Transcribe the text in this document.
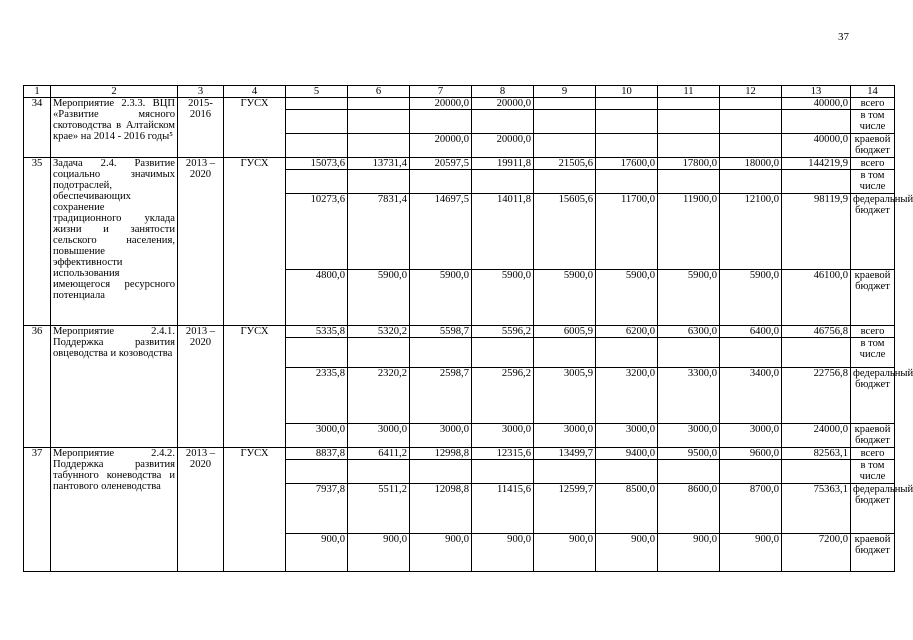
37
1	2	3	4	5	6	7	8	9	10	11	12	13	14
34	Мероприятие 2.3.3. ВЦП «Развитие мясного скотоводства в Алтайском крае» на 2014 - 2016 годы⁵	2015-2016	ГУСХ			20000,0	20000,0					40000,0	всего
													в том числе
						20000,0	20000,0					40000,0	краевой бюджет
35	Задача 2.4. Развитие социально значимых подотраслей, обеспечивающих сохранение традиционного уклада жизни и занятости сельского населения, повышение эффективности использования имеющегося ресурсного потенциала	2013 – 2020	ГУСХ	15073,6	13731,4	20597,5	19911,8	21505,6	17600,0	17800,0	18000,0	144219,9	всего
													в том числе
				10273,6	7831,4	14697,5	14011,8	15605,6	11700,0	11900,0	12100,0	98119,9	федеральный бюджет
				4800,0	5900,0	5900,0	5900,0	5900,0	5900,0	5900,0	5900,0	46100,0	краевой бюджет
36	Мероприятие 2.4.1. Поддержка развития овцеводства и козоводства	2013 – 2020	ГУСХ	5335,8	5320,2	5598,7	5596,2	6005,9	6200,0	6300,0	6400,0	46756,8	всего
													в том числе
				2335,8	2320,2	2598,7	2596,2	3005,9	3200,0	3300,0	3400,0	22756,8	федеральный бюджет
				3000,0	3000,0	3000,0	3000,0	3000,0	3000,0	3000,0	3000,0	24000,0	краевой бюджет
37	Мероприятие 2.4.2. Поддержка развития табунного коневодства и пантового оленеводства	2013 – 2020	ГУСХ	8837,8	6411,2	12998,8	12315,6	13499,7	9400,0	9500,0	9600,0	82563,1	всего
													в том числе
				7937,8	5511,2	12098,8	11415,6	12599,7	8500,0	8600,0	8700,0	75363,1	федеральный бюджет
				900,0	900,0	900,0	900,0	900,0	900,0	900,0	900,0	7200,0	краевой бюджет
